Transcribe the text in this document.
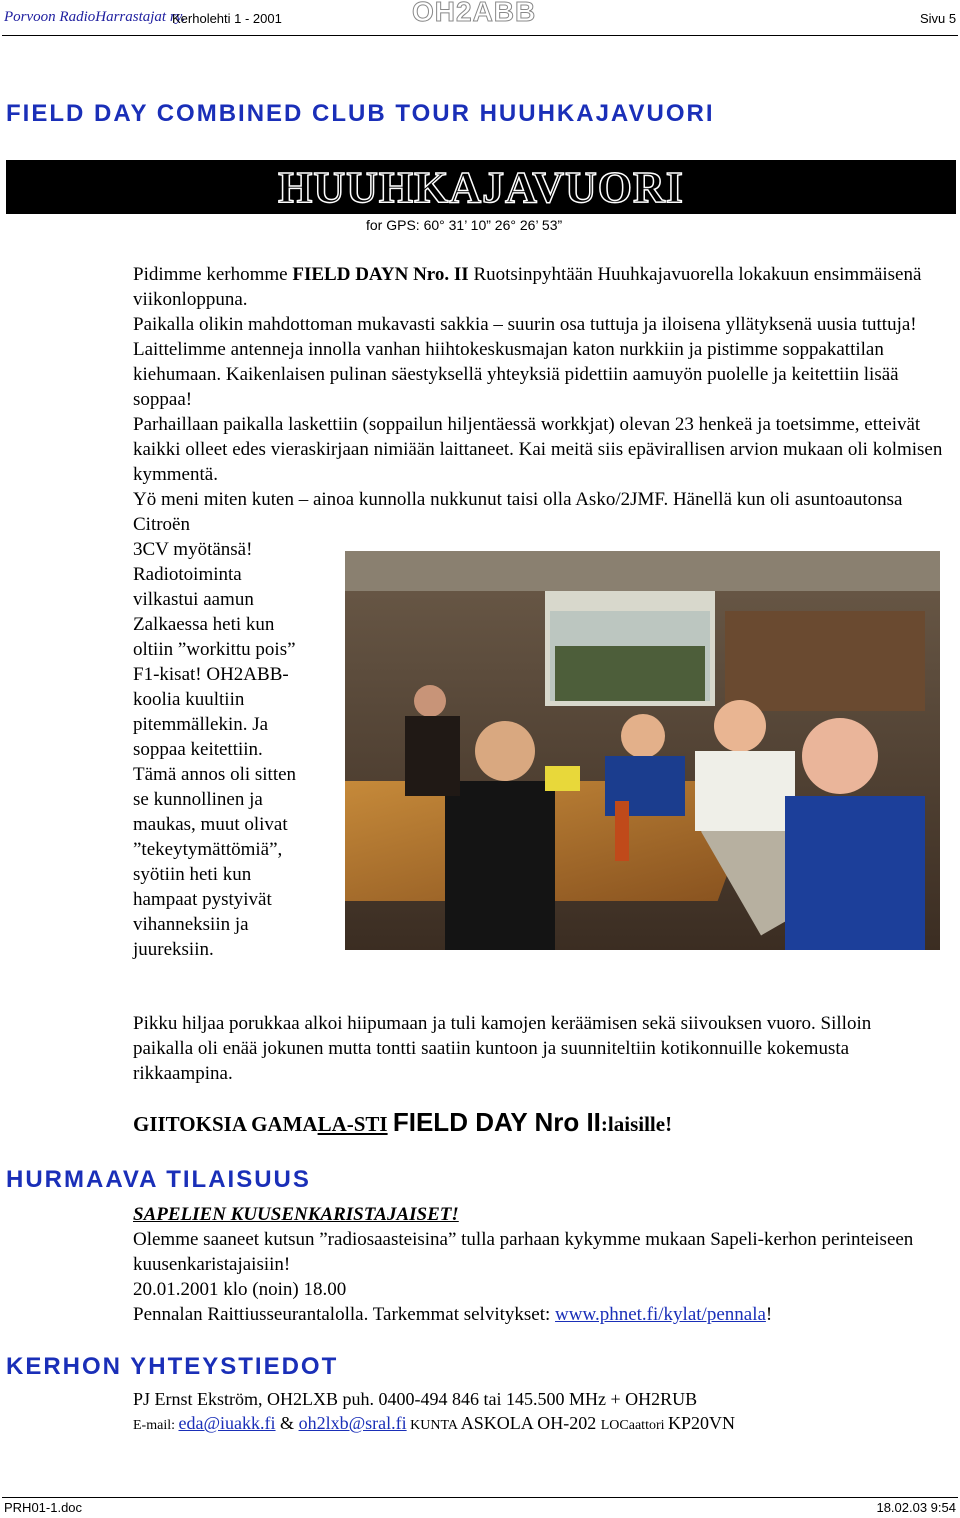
Porvoon RadioHarrastajat ry.
Kerholehti 1 - 2001	OH2ABB	Sivu 5
FIELD DAY COMBINED CLUB TOUR HUUHKAJAVUORI
HUUHKAJAVUORI
for GPS: 60° 31’ 10” 26° 26’ 53”

Pidimme kerhomme FIELD DAYN Nro. II Ruotsinpyhtään Huuhkajavuorella lokakuun ensimmäisenä viikonloppuna.

Paikalla olikin mahdottoman mukavasti sakkia – suurin osa tuttuja ja iloisena yllätyksenä uusia tuttuja!

Laittelimme antenneja innolla vanhan hiihtokeskusmajan katon nurkkiin ja pistimme soppakattilan kiehumaan. Kaikenlaisen pulinan säestyksellä yhteyksiä pidettiin aamuyön puolelle ja keitettiin lisää soppaa!

Parhaillaan paikalla laskettiin (soppailun hiljentäessä workkjat) olevan 23 henkeä ja toetsimme, etteivät kaikki olleet edes vieraskirjaan nimiään laittaneet. Kai meitä siis epävirallisen arvion mukaan oli kolmisen kymmentä.

Yö meni miten kuten – ainoa kunnolla nukkunut taisi olla Asko/2JMF. Hänellä kun oli asuntoautonsa Citroën

3CV myötänsä!

Radiotoiminta

vilkastui aamun

Zalkaessa heti kun

oltiin ”workittu pois”

F1-kisat! OH2ABB-

koolia kuultiin

pitemmällekin. Ja

soppaa keitettiin.

Tämä annos oli sitten

se kunnollinen ja

maukas, muut olivat

”tekeytymättömiä”,

syötiin heti kun

hampaat pystyivät

vihanneksiin ja

juureksiin.

Pikku hiljaa porukkaa alkoi hiipumaan ja tuli kamojen keräämisen sekä siivouksen vuoro. Silloin paikalla oli enää jokunen mutta tontti saatiin kuntoon ja suunniteltiin kotikonnuille kokemusta rikkaampina.

GIITOKSIA GAMALA-STI FIELD DAY Nro II:laisille!
HURMAAVA TILAISUUS

SAPELIEN KUUSENKARISTAJAISET!

Olemme saaneet kutsun ”radiosaasteisina” tulla parhaan kykymme mukaan Sapeli-kerhon perinteiseen kuusenkaristajaisiin!

20.01.2001 klo (noin) 18.00

Pennalan Raittiusseurantalolla. Tarkemmat selvitykset: www.phnet.fi/kylat/pennala!

KERHON YHTEYSTIEDOT

PJ Ernst Ekström, OH2LXB puh. 0400-494 846 tai 145.500 MHz + OH2RUB

E-mail: eda@iuakk.fi & oh2lxb@sral.fi KUNTA ASKOLA OH-202 LOCaattori KP20VN

PRH01-1.doc	18.02.03 9:54
